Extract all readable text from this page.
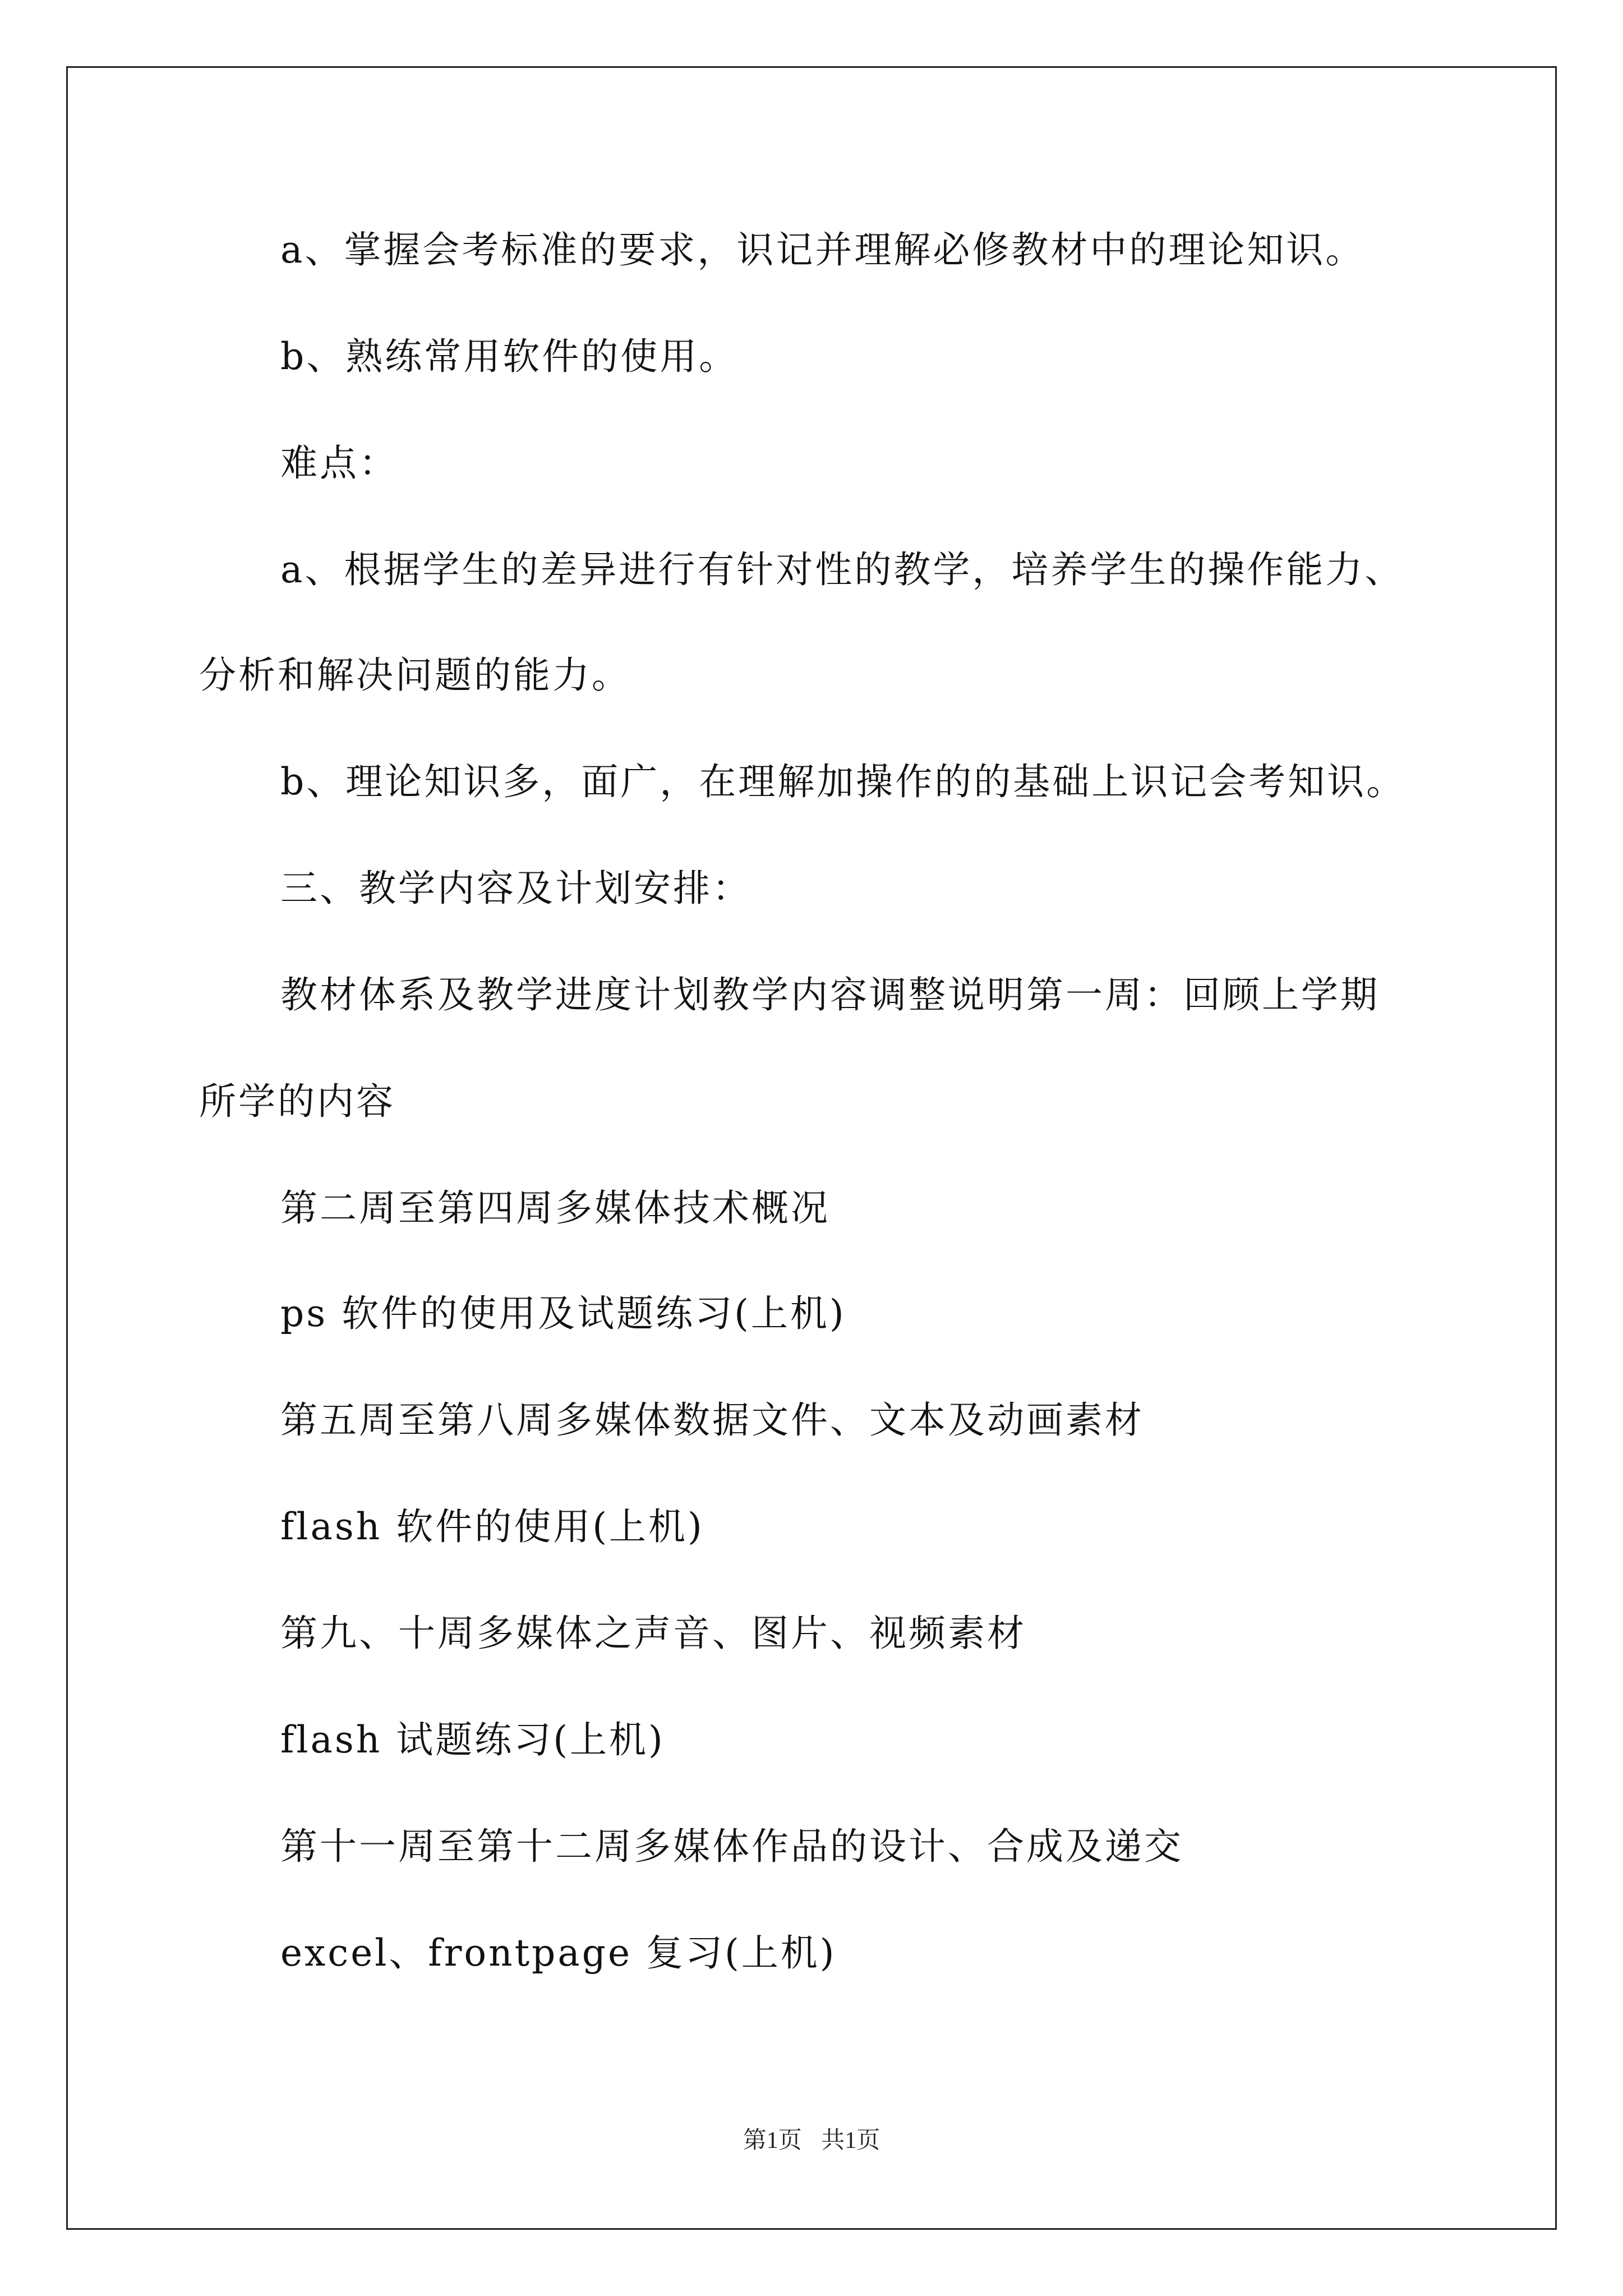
a、掌握会考标准的要求，识记并理解必修教材中的理论知识。
b、熟练常用软件的使用。
难点：
a、根据学生的差异进行有针对性的教学，培养学生的操作能力、
分析和解决问题的能力。
b、理论知识多，面广，在理解加操作的的基础上识记会考知识。
三、教学内容及计划安排：
教材体系及教学进度计划教学内容调整说明第一周：回顾上学期
所学的内容
第二周至第四周多媒体技术概况
ps 软件的使用及试题练习(上机)
第五周至第八周多媒体数据文件、文本及动画素材
flash 软件的使用(上机)
第九、十周多媒体之声音、图片、视频素材
flash 试题练习(上机)
第十一周至第十二周多媒体作品的设计、合成及递交
excel、frontpage 复习(上机)
第1页 共1页
